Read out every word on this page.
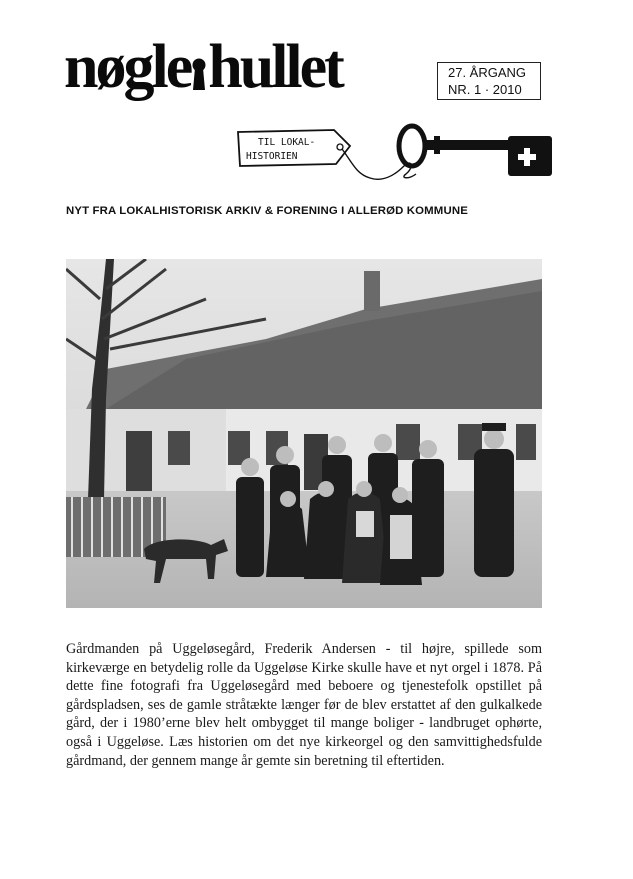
nøgle hullet	27. ÅRGANG
NR. 1 · 2010
TIL LOKAL-
HISTORIEN
NYT FRA LOKALHISTORISK ARKIV & FORENING I ALLERØD KOMMUNE
Gårdmanden på Uggeløsegård, Frederik Andersen - til højre, spillede som kirkeværge en betydelig rolle da Uggeløse Kirke skulle have et nyt orgel i 1878. På dette fine fotografi fra Uggeløsegård med beboere og tjenestefolk opstillet på gårdspladsen, ses de gamle stråtækte længer før de blev erstattet af den gulkalkede gård, der i 1980’erne blev helt ombygget til mange boliger - landbruget ophørte, også i Uggeløse. Læs historien om det nye kirkeorgel og den samvittighedsfulde gårdmand, der gennem mange år gemte sin beretning til eftertiden.
